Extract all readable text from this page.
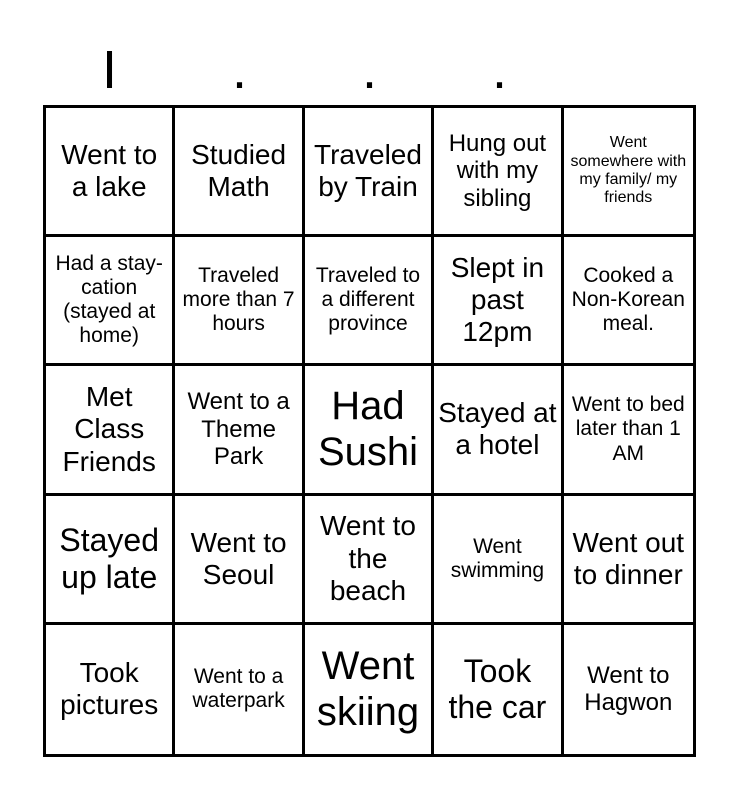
I . . .
Went to a lake
Studied Math
Traveled by Train
Hung out with my sibling
Went somewhere with my family/ my friends
Had a stay-cation (stayed at home)
Traveled more than 7 hours
Traveled to a different province
Slept in past 12pm
Cooked a Non-Korean meal.
Met Class Friends
Went to a Theme Park
Had Sushi
Stayed at a hotel
Went to bed later than 1 AM
Stayed up late
Went to Seoul
Went to the beach
Went swimming
Went out to dinner
Took pictures
Went to a waterpark
Went skiing
Took the car
Went to Hagwon
